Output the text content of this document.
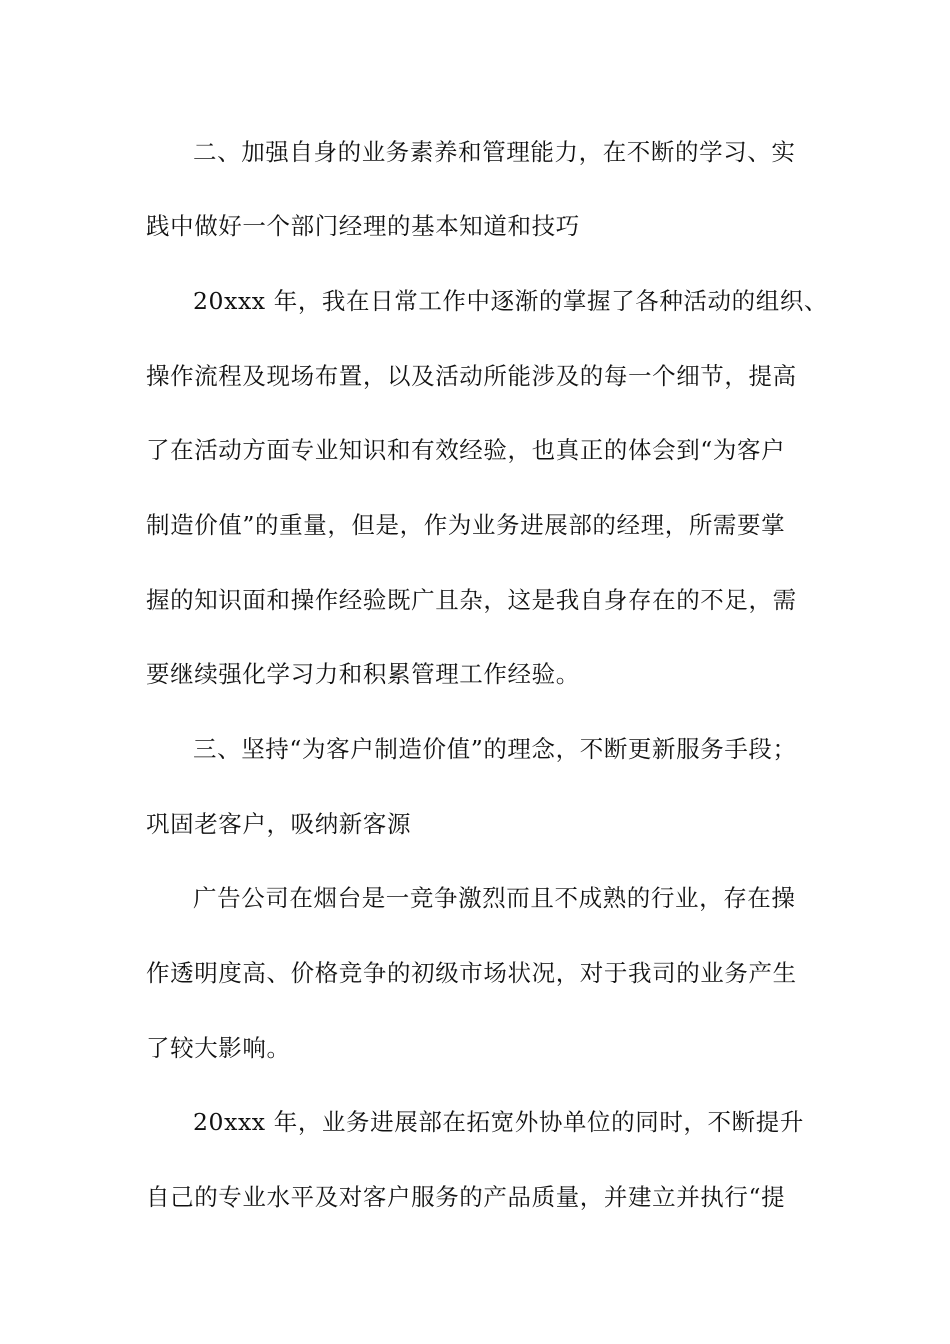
二、加强自身的业务素养和管理能力，在不断的学习、实
践中做好一个部门经理的基本知道和技巧
20xxx 年，我在日常工作中逐渐的掌握了各种活动的组织、
操作流程及现场布置，以及活动所能涉及的每一个细节，提高
了在活动方面专业知识和有效经验，也真正的体会到“为客户
制造价值”的重量，但是，作为业务进展部的经理，所需要掌
握的知识面和操作经验既广且杂，这是我自身存在的不足，需
要继续强化学习力和积累管理工作经验。
三、坚持“为客户制造价值”的理念，不断更新服务手段；
巩固老客户，吸纳新客源
广告公司在烟台是一竞争激烈而且不成熟的行业，存在操
作透明度高、价格竞争的初级市场状况，对于我司的业务产生
了较大影响。
20xxx 年，业务进展部在拓宽外协单位的同时，不断提升
自己的专业水平及对客户服务的产品质量，并建立并执行“提
